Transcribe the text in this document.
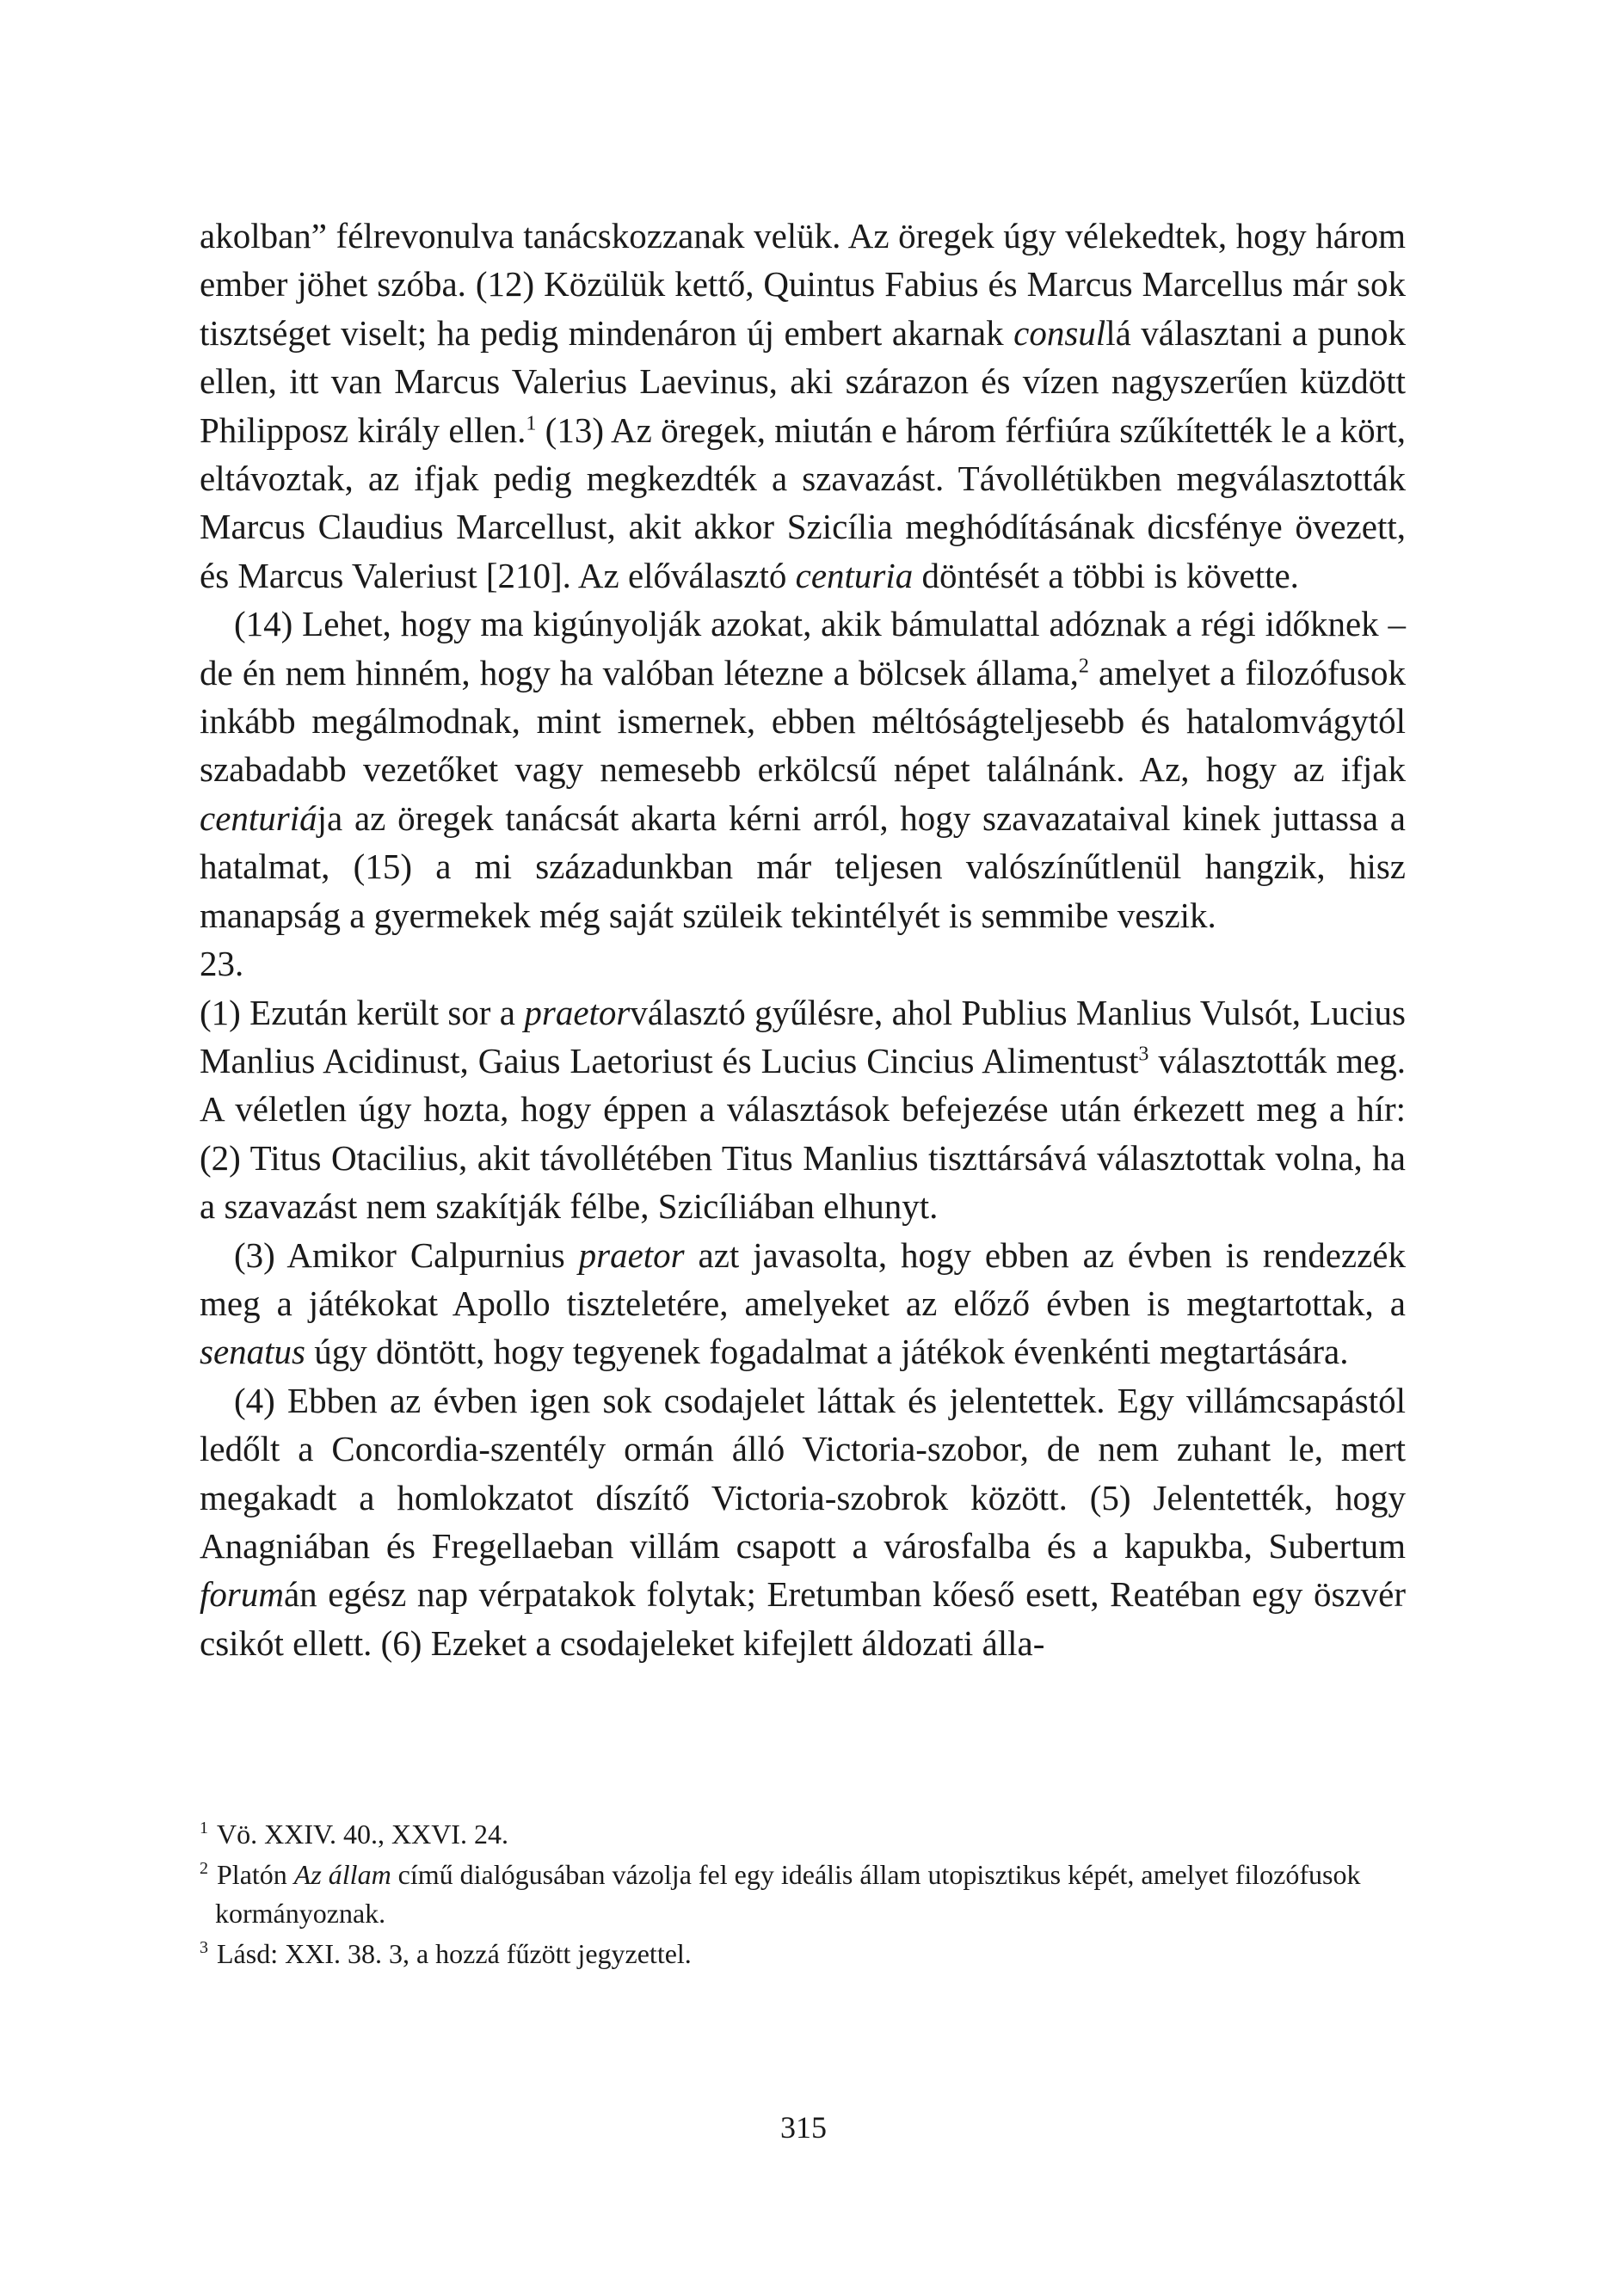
akolban” félrevonulva tanácskozzanak velük. Az öregek úgy vélekedtek, hogy három ember jöhet szóba. (12) Közülük kettő, Quintus Fabius és Marcus Marcellus már sok tisztséget viselt; ha pedig mindenáron új embert akarnak consullá választani a punok ellen, itt van Marcus Valerius Laevinus, aki szárazon és vízen nagyszerűen küzdött Philipposz király ellen.$^1$ (13) Az öregek, miután e három férfiúra szűkítették le a kört, eltávoztak, az ifjak pedig megkezdték a szavazást. Távollétükben megválasztották Marcus Claudius Marcellust, akit akkor Szicília meghódításának dicsfénye övezett, és Marcus Valeriust [210]. Az előválasztó centuria döntését a többi is követte.

(14) Lehet, hogy ma kigúnyolják azokat, akik bámulattal adóznak a régi időknek – de én nem hinném, hogy ha valóban létezne a bölcsek állama,$^2$ amelyet a filozófusok inkább megálmodnak, mint ismernek, ebben méltóságteljesebb és hatalomvágytól szabadabb vezetőket vagy nemesebb erkölcsű népet találnánk. Az, hogy az ifjak centuriája az öregek tanácsát akarta kérni arról, hogy szavazataival kinek juttassa a hatalmat, (15) a mi századunkban már teljesen valószínűtlenül hangzik, hisz manapság a gyermekek még saját szüleik tekintélyét is semmibe veszik.

23.

(1) Ezután került sor a praetorválasztó gyűlésre, ahol Publius Manlius Vulsót, Lucius Manlius Acidinust, Gaius Laetoriust és Lucius Cincius Alimentust$^3$ választották meg. A véletlen úgy hozta, hogy éppen a választások befejezése után érkezett meg a hír: (2) Titus Otacilius, akit távollétében Titus Manlius tiszttársává választottak volna, ha a szavazást nem szakítják félbe, Szicíliában elhunyt.

(3) Amikor Calpurnius praetor azt javasolta, hogy ebben az évben is rendezzék meg a játékokat Apollo tiszteletére, amelyeket az előző évben is megtartottak, a senatus úgy döntött, hogy tegyenek fogadalmat a játékok évenkénti megtartására.

(4) Ebben az évben igen sok csodajelet láttak és jelentettek. Egy villámcsapástól ledőlt a Concordia-szentély ormán álló Victoria-szobor, de nem zuhant le, mert megakadt a homlokzatot díszítő Victoria-szobrok között. (5) Jelentették, hogy Anagniában és Fregellaeban villám csapott a városfalba és a kapukba, Subertum forumán egész nap vérpatakok folytak; Eretumban kőeső esett, Reatéban egy öszvér csikót ellett. (6) Ezeket a csodajeleket kifejlett áldozati álla-

$^1$ Vö. XXIV. 40., XXVI. 24.
$^2$ Platón Az állam című dialógusában vázolja fel egy ideális állam utopisztikus képét, amelyet filozófusok kormányoznak.
$^3$ Lásd: XXI. 38. 3, a hozzá fűzött jegyzettel.
315
